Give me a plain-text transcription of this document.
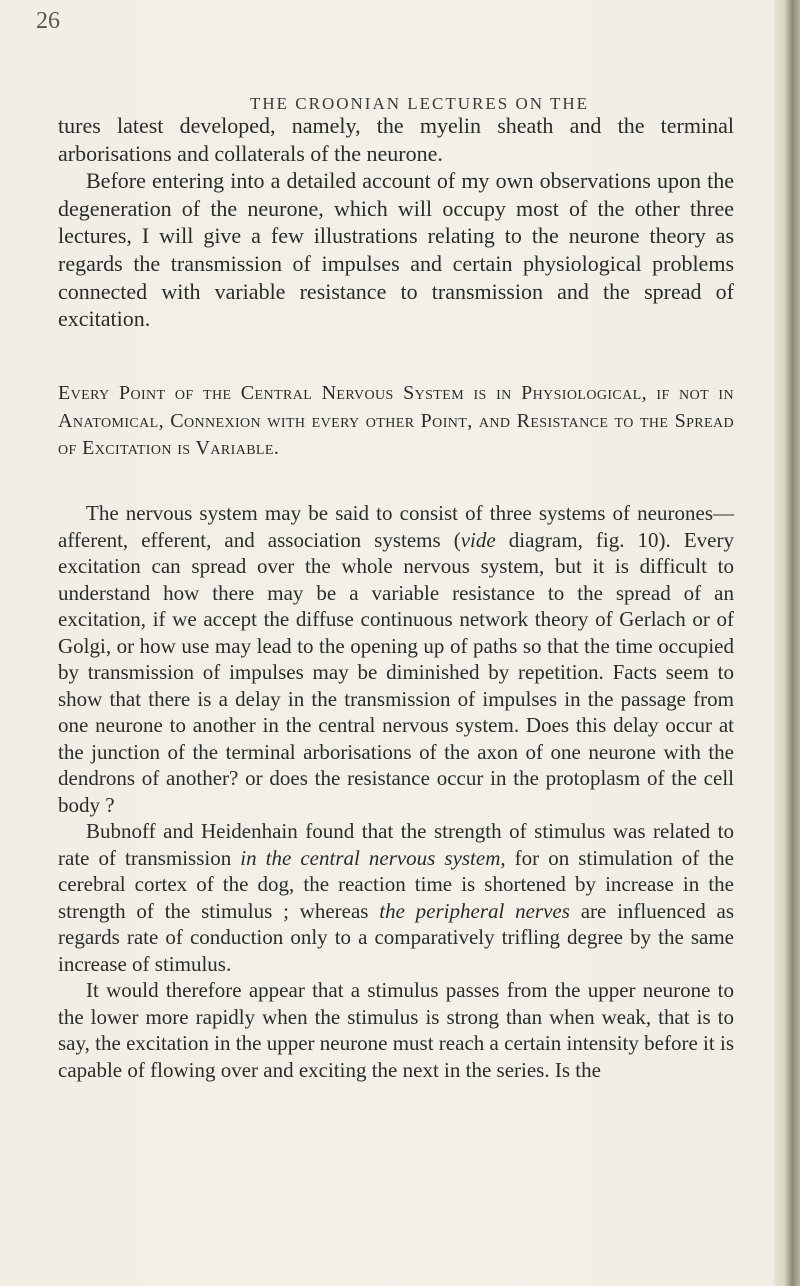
26
THE CROONIAN LECTURES ON THE

tures latest developed, namely, the myelin sheath and the terminal arborisations and collaterals of the neurone.

Before entering into a detailed account of my own observations upon the degeneration of the neurone, which will occupy most of the other three lectures, I will give a few illustrations relating to the neurone theory as regards the transmission of impulses and certain physiological problems connected with variable resistance to transmission and the spread of excitation.

Every Point of the Central Nervous System is in Physiological, if not in Anatomical, Connexion with every other Point, and Resistance to the Spread of Excitation is Variable.

The nervous system may be said to consist of three systems of neurones—afferent, efferent, and association systems (vide diagram, fig. 10). Every excitation can spread over the whole nervous system, but it is difficult to understand how there may be a variable resistance to the spread of an excitation, if we accept the diffuse continuous network theory of Gerlach or of Golgi, or how use may lead to the opening up of paths so that the time occupied by transmission of impulses may be diminished by repetition. Facts seem to show that there is a delay in the transmission of impulses in the passage from one neurone to another in the central nervous system. Does this delay occur at the junction of the terminal arborisations of the axon of one neurone with the dendrons of another? or does the resistance occur in the protoplasm of the cell body ?

Bubnoff and Heidenhain found that the strength of stimulus was related to rate of transmission in the central nervous system, for on stimulation of the cerebral cortex of the dog, the reaction time is shortened by increase in the strength of the stimulus ; whereas the peripheral nerves are influenced as regards rate of conduction only to a comparatively trifling degree by the same increase of stimulus.

It would therefore appear that a stimulus passes from the upper neurone to the lower more rapidly when the stimulus is strong than when weak, that is to say, the excitation in the upper neurone must reach a certain intensity before it is capable of flowing over and exciting the next in the series. Is the
